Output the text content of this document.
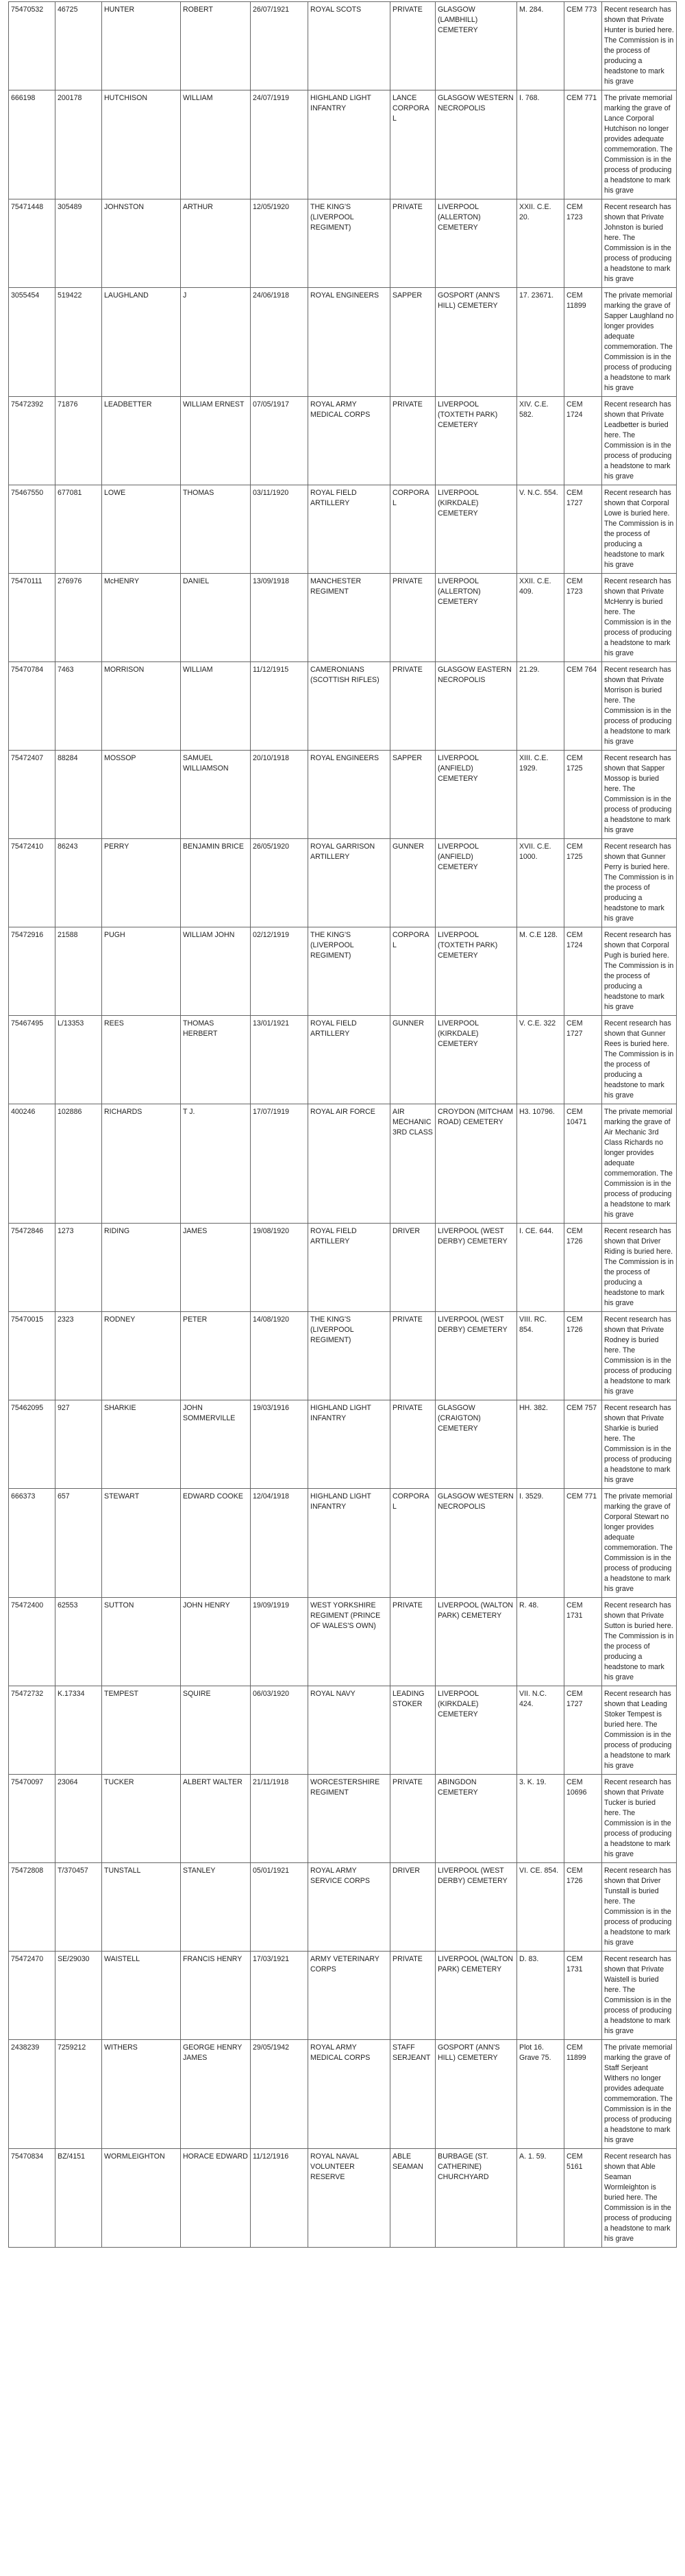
75470532	46725	HUNTER	ROBERT	26/07/1921	ROYAL SCOTS	PRIVATE	GLASGOW (LAMBHILL) CEMETERY	M. 284.	CEM 773	Recent research has shown that Private Hunter is buried here. The Commission is in the process of producing a headstone to mark his grave
666198	200178	HUTCHISON	WILLIAM	24/07/1919	HIGHLAND LIGHT INFANTRY	LANCE CORPORAL	GLASGOW WESTERN NECROPOLIS	I. 768.	CEM 771	The private memorial marking the grave of Lance Corporal Hutchison no longer provides adequate commemoration. The Commission is in the process of producing a headstone to mark his grave
75471448	305489	JOHNSTON	ARTHUR	12/05/1920	THE KING'S (LIVERPOOL REGIMENT)	PRIVATE	LIVERPOOL (ALLERTON) CEMETERY	XXII. C.E. 20.	CEM 1723	Recent research has shown that Private Johnston is buried here. The Commission is in the process of producing a headstone to mark his grave
3055454	519422	LAUGHLAND	J	24/06/1918	ROYAL ENGINEERS	SAPPER	GOSPORT (ANN'S HILL) CEMETERY	17. 23671.	CEM 11899	The private memorial marking the grave of Sapper Laughland no longer provides adequate commemoration. The Commission is in the process of producing a headstone to mark his grave
75472392	71876	LEADBETTER	WILLIAM ERNEST	07/05/1917	ROYAL ARMY MEDICAL CORPS	PRIVATE	LIVERPOOL (TOXTETH PARK) CEMETERY	XIV. C.E. 582.	CEM 1724	Recent research has shown that Private Leadbetter is buried here. The Commission is in the process of producing a headstone to mark his grave
75467550	677081	LOWE	THOMAS	03/11/1920	ROYAL FIELD ARTILLERY	CORPORAL	LIVERPOOL (KIRKDALE) CEMETERY	V. N.C. 554.	CEM 1727	Recent research has shown that Corporal Lowe is buried here. The Commission is in the process of producing a headstone to mark his grave
75470111	276976	McHENRY	DANIEL	13/09/1918	MANCHESTER REGIMENT	PRIVATE	LIVERPOOL (ALLERTON) CEMETERY	XXII. C.E. 409.	CEM 1723	Recent research has shown that Private McHenry is buried here. The Commission is in the process of producing a headstone to mark his grave
75470784	7463	MORRISON	WILLIAM	11/12/1915	CAMERONIANS (SCOTTISH RIFLES)	PRIVATE	GLASGOW EASTERN NECROPOLIS	21.29.	CEM 764	Recent research has shown that Private Morrison is buried here. The Commission is in the process of producing a headstone to mark his grave
75472407	88284	MOSSOP	SAMUEL WILLIAMSON	20/10/1918	ROYAL ENGINEERS	SAPPER	LIVERPOOL (ANFIELD) CEMETERY	XIII. C.E. 1929.	CEM 1725	Recent research has shown that Sapper Mossop is buried here. The Commission is in the process of producing a headstone to mark his grave
75472410	86243	PERRY	BENJAMIN BRICE	26/05/1920	ROYAL GARRISON ARTILLERY	GUNNER	LIVERPOOL (ANFIELD) CEMETERY	XVII. C.E. 1000.	CEM 1725	Recent research has shown that Gunner Perry is buried here. The Commission is in the process of producing a headstone to mark his grave
75472916	21588	PUGH	WILLIAM JOHN	02/12/1919	THE KING'S (LIVERPOOL REGIMENT)	CORPORAL	LIVERPOOL (TOXTETH PARK) CEMETERY	M. C.E 128.	CEM 1724	Recent research has shown that Corporal Pugh is buried here. The Commission is in the process of producing a headstone to mark his grave
75467495	L/13353	REES	THOMAS HERBERT	13/01/1921	ROYAL FIELD ARTILLERY	GUNNER	LIVERPOOL (KIRKDALE) CEMETERY	V. C.E. 322	CEM 1727	Recent research has shown that Gunner Rees is buried here. The Commission is in the process of producing a headstone to mark his grave
400246	102886	RICHARDS	T J.	17/07/1919	ROYAL AIR FORCE	AIR MECHANIC 3RD CLASS	CROYDON (MITCHAM ROAD) CEMETERY	H3. 10796.	CEM 10471	The private memorial marking the grave of Air Mechanic 3rd Class Richards no longer provides adequate commemoration. The Commission is in the process of producing a headstone to mark his grave
75472846	1273	RIDING	JAMES	19/08/1920	ROYAL FIELD ARTILLERY	DRIVER	LIVERPOOL (WEST DERBY) CEMETERY	I. CE. 644.	CEM 1726	Recent research has shown that Driver Riding is buried here. The Commission is in the process of producing a headstone to mark his grave
75470015	2323	RODNEY	PETER	14/08/1920	THE KING'S (LIVERPOOL REGIMENT)	PRIVATE	LIVERPOOL (WEST DERBY) CEMETERY	VIII. RC. 854.	CEM 1726	Recent research has shown that Private Rodney is buried here. The Commission is in the process of producing a headstone to mark his grave
75462095	927	SHARKIE	JOHN SOMMERVILLE	19/03/1916	HIGHLAND LIGHT INFANTRY	PRIVATE	GLASGOW (CRAIGTON) CEMETERY	HH. 382.	CEM 757	Recent research has shown that Private Sharkie is buried here. The Commission is in the process of producing a headstone to mark his grave
666373	657	STEWART	EDWARD COOKE	12/04/1918	HIGHLAND LIGHT INFANTRY	CORPORAL	GLASGOW WESTERN NECROPOLIS	I. 3529.	CEM 771	The private memorial marking the grave of Corporal Stewart no longer provides adequate commemoration. The Commission is in the process of producing a headstone to mark his grave
75472400	62553	SUTTON	JOHN HENRY	19/09/1919	WEST YORKSHIRE REGIMENT (PRINCE OF WALES'S OWN)	PRIVATE	LIVERPOOL (WALTON PARK) CEMETERY	R. 48.	CEM 1731	Recent research has shown that Private Sutton is buried here. The Commission is in the process of producing a headstone to mark his grave
75472732	K.17334	TEMPEST	SQUIRE	06/03/1920	ROYAL NAVY	LEADING STOKER	LIVERPOOL (KIRKDALE) CEMETERY	VII. N.C. 424.	CEM 1727	Recent research has shown that Leading Stoker Tempest is buried here. The Commission is in the process of producing a headstone to mark his grave
75470097	23064	TUCKER	ALBERT WALTER	21/11/1918	WORCESTERSHIRE REGIMENT	PRIVATE	ABINGDON CEMETERY	3. K. 19.	CEM 10696	Recent research has shown that Private Tucker is buried here. The Commission is in the process of producing a headstone to mark his grave
75472808	T/370457	TUNSTALL	STANLEY	05/01/1921	ROYAL ARMY SERVICE CORPS	DRIVER	LIVERPOOL (WEST DERBY) CEMETERY	VI. CE. 854.	CEM 1726	Recent research has shown that Driver Tunstall is buried here. The Commission is in the process of producing a headstone to mark his grave
75472470	SE/29030	WAISTELL	FRANCIS HENRY	17/03/1921	ARMY VETERINARY CORPS	PRIVATE	LIVERPOOL (WALTON PARK) CEMETERY	D. 83.	CEM 1731	Recent research has shown that Private Waistell is buried here. The Commission is in the process of producing a headstone to mark his grave
2438239	7259212	WITHERS	GEORGE HENRY JAMES	29/05/1942	ROYAL ARMY MEDICAL CORPS	STAFF SERJEANT	GOSPORT (ANN'S HILL) CEMETERY	Plot 16. Grave 75.	CEM 11899	The private memorial marking the grave of Staff Serjeant Withers no longer provides adequate commemoration. The Commission is in the process of producing a headstone to mark his grave
75470834	BZ/4151	WORMLEIGHTON	HORACE EDWARD	11/12/1916	ROYAL NAVAL VOLUNTEER RESERVE	ABLE SEAMAN	BURBAGE (ST. CATHERINE) CHURCHYARD	A. 1. 59.	CEM 5161	Recent research has shown that Able Seaman Wormleighton is buried here. The Commission is in the process of producing a headstone to mark his grave
